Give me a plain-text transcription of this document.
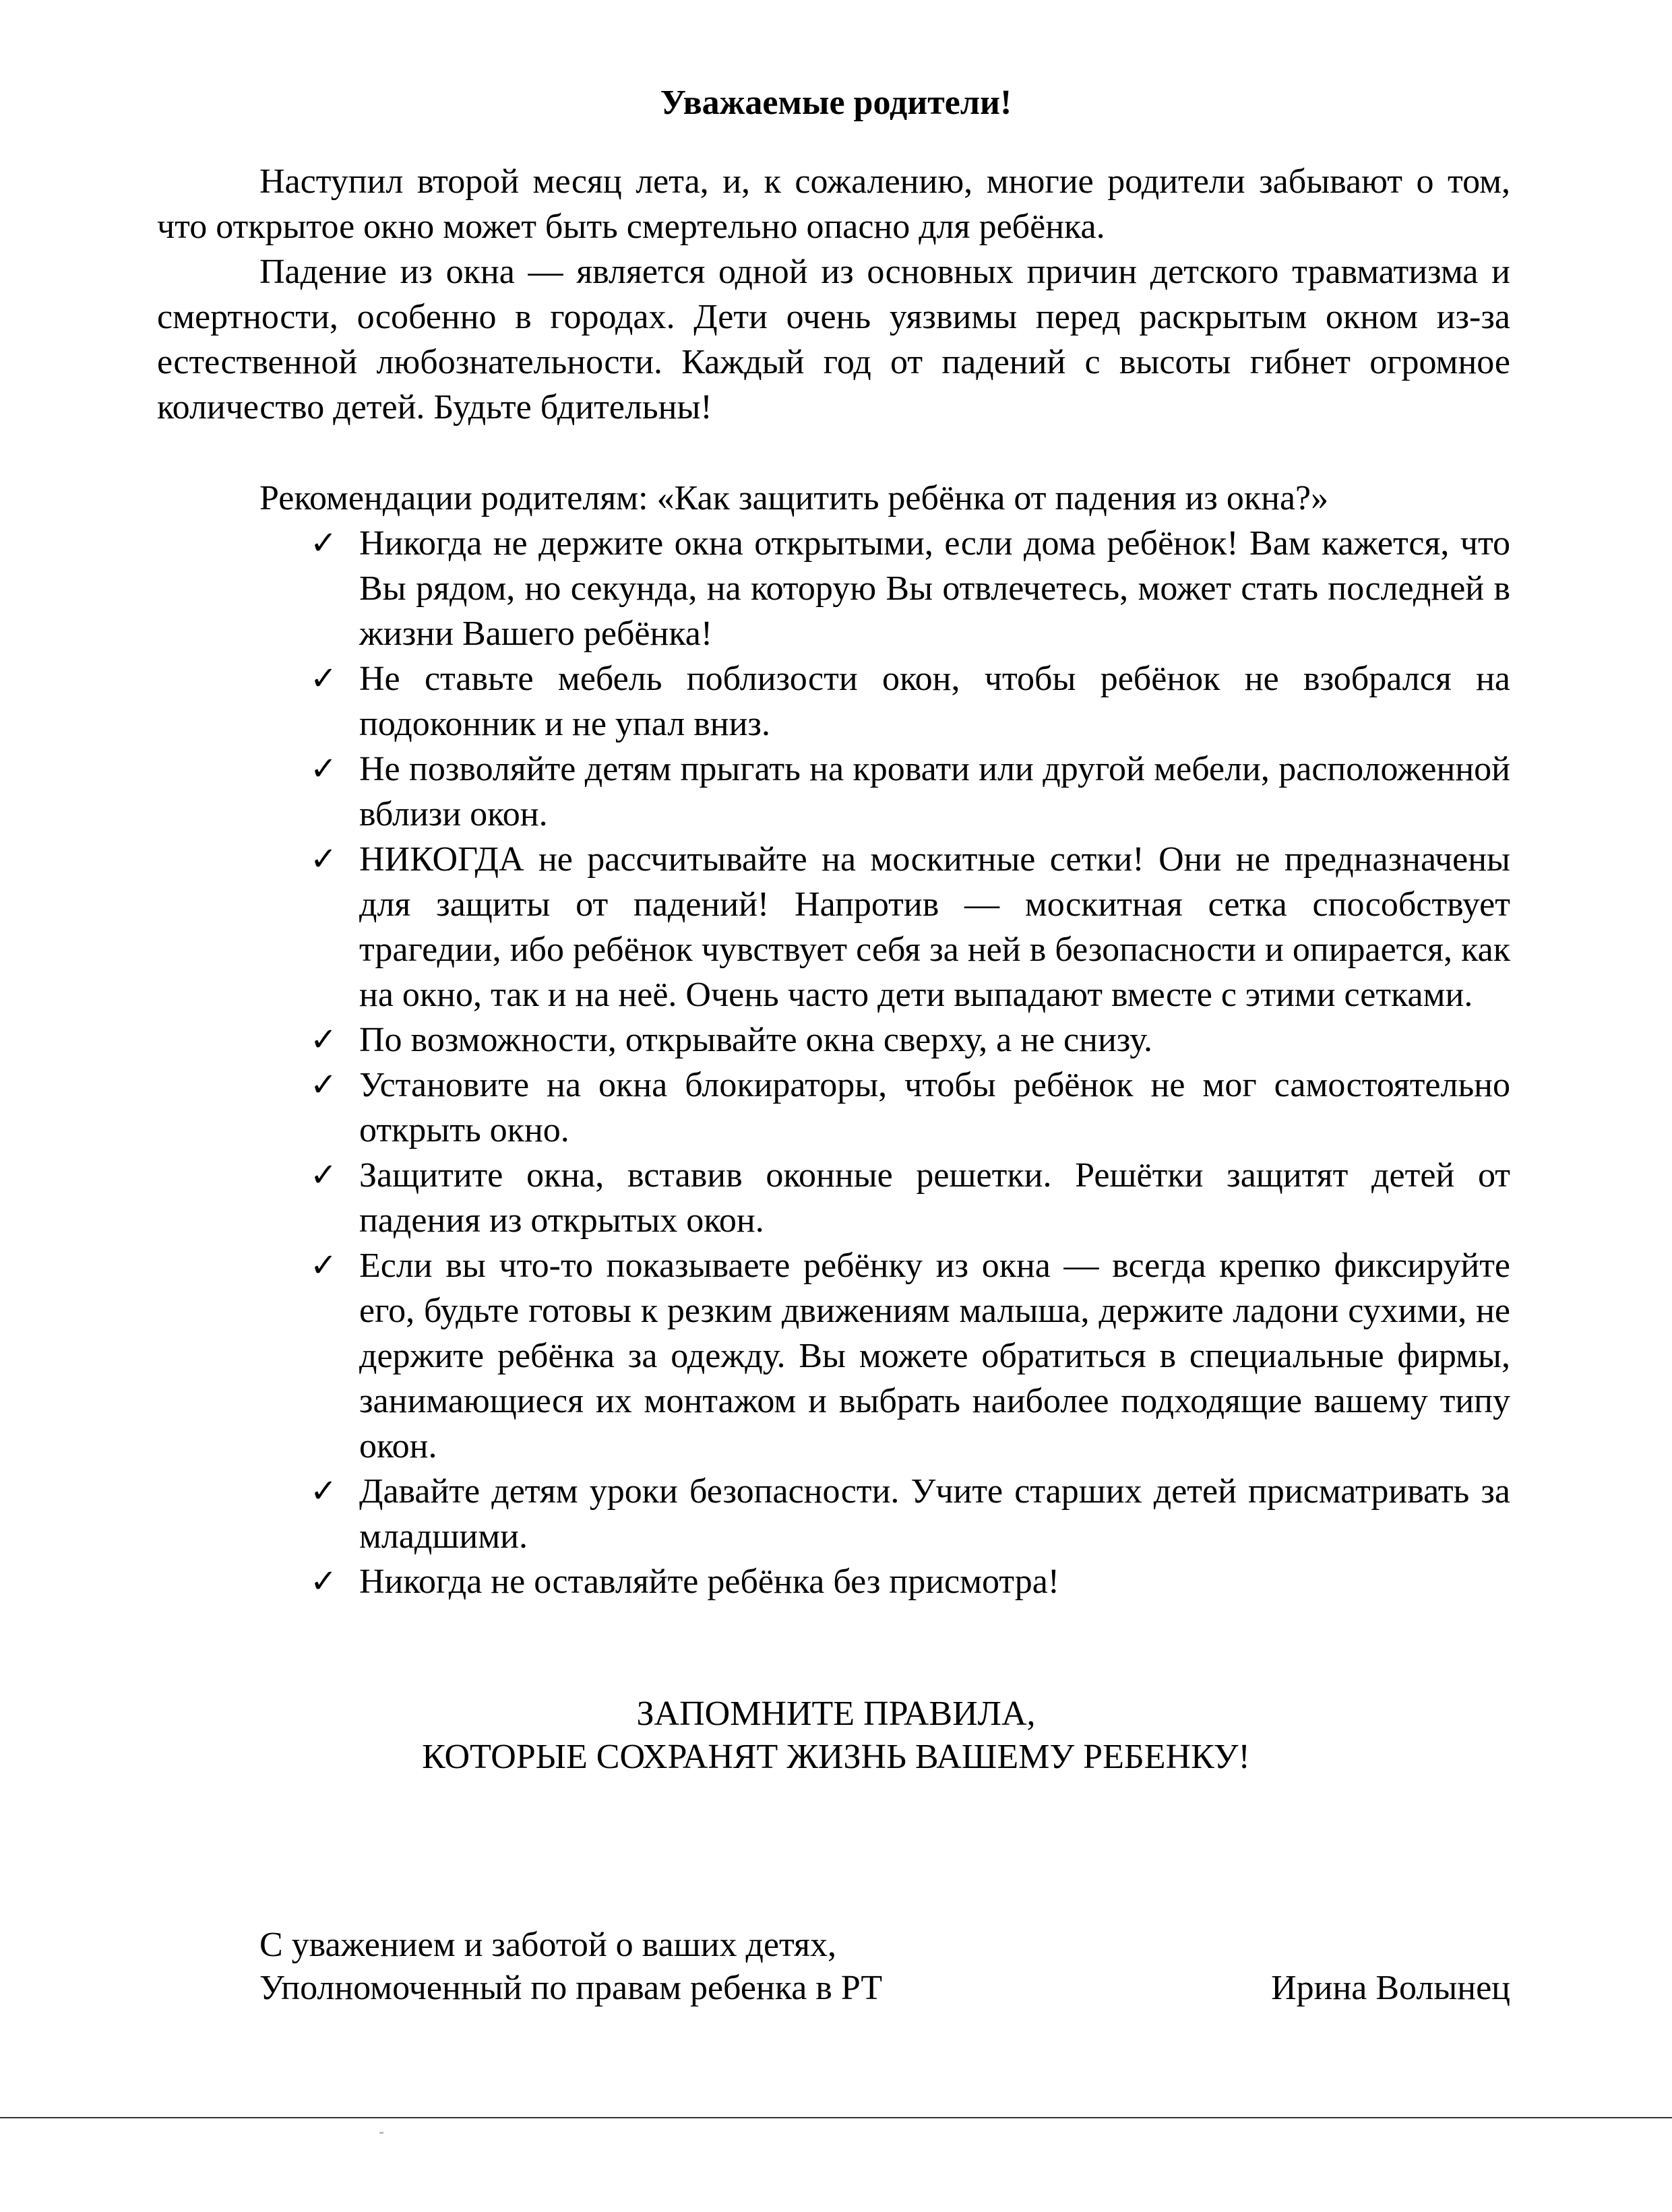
Уважаемые родители!

Наступил второй месяц лета, и, к сожалению, многие родители забывают о том, что открытое окно может быть смертельно опасно для ребёнка.

Падение из окна — является одной из основных причин детского травматизма и смертности, особенно в городах. Дети очень уязвимы перед раскрытым окном из-за естественной любознательности. Каждый год от падений с высоты гибнет огромное количество детей. Будьте бдительны!

Рекомендации родителям: «Как защитить ребёнка от падения из окна?»
✓ Никогда не держите окна открытыми, если дома ребёнок! Вам кажется, что Вы рядом, но секунда, на которую Вы отвлечетесь, может стать последней в жизни Вашего ребёнка!
✓ Не ставьте мебель поблизости окон, чтобы ребёнок не взобрался на подоконник и не упал вниз.
✓ Не позволяйте детям прыгать на кровати или другой мебели, расположенной вблизи окон.
✓ НИКОГДА не рассчитывайте на москитные сетки! Они не предназначены для защиты от падений! Напротив — москитная сетка способствует трагедии, ибо ребёнок чувствует себя за ней в безопасности и опирается, как на окно, так и на неё. Очень часто дети выпадают вместе с этими сетками.
✓ По возможности, открывайте окна сверху, а не снизу.
✓ Установите на окна блокираторы, чтобы ребёнок не мог самостоятельно открыть окно.
✓ Защитите окна, вставив оконные решетки. Решётки защитят детей от падения из открытых окон.
✓ Если вы что-то показываете ребёнку из окна — всегда крепко фиксируйте его, будьте готовы к резким движениям малыша, держите ладони сухими, не держите ребёнка за одежду. Вы можете обратиться в специальные фирмы, занимающиеся их монтажом и выбрать наиболее подходящие вашему типу окон.
✓ Давайте детям уроки безопасности. Учите старших детей присматривать за младшими.
✓ Никогда не оставляйте ребёнка без присмотра!
ЗАПОМНИТЕ ПРАВИЛА,
КОТОРЫЕ СОХРАНЯТ ЖИЗНЬ ВАШЕМУ РЕБЕНКУ!
С уважением и заботой о ваших детях,
Уполномоченный по правам ребенка в РТ	Ирина Волынец
